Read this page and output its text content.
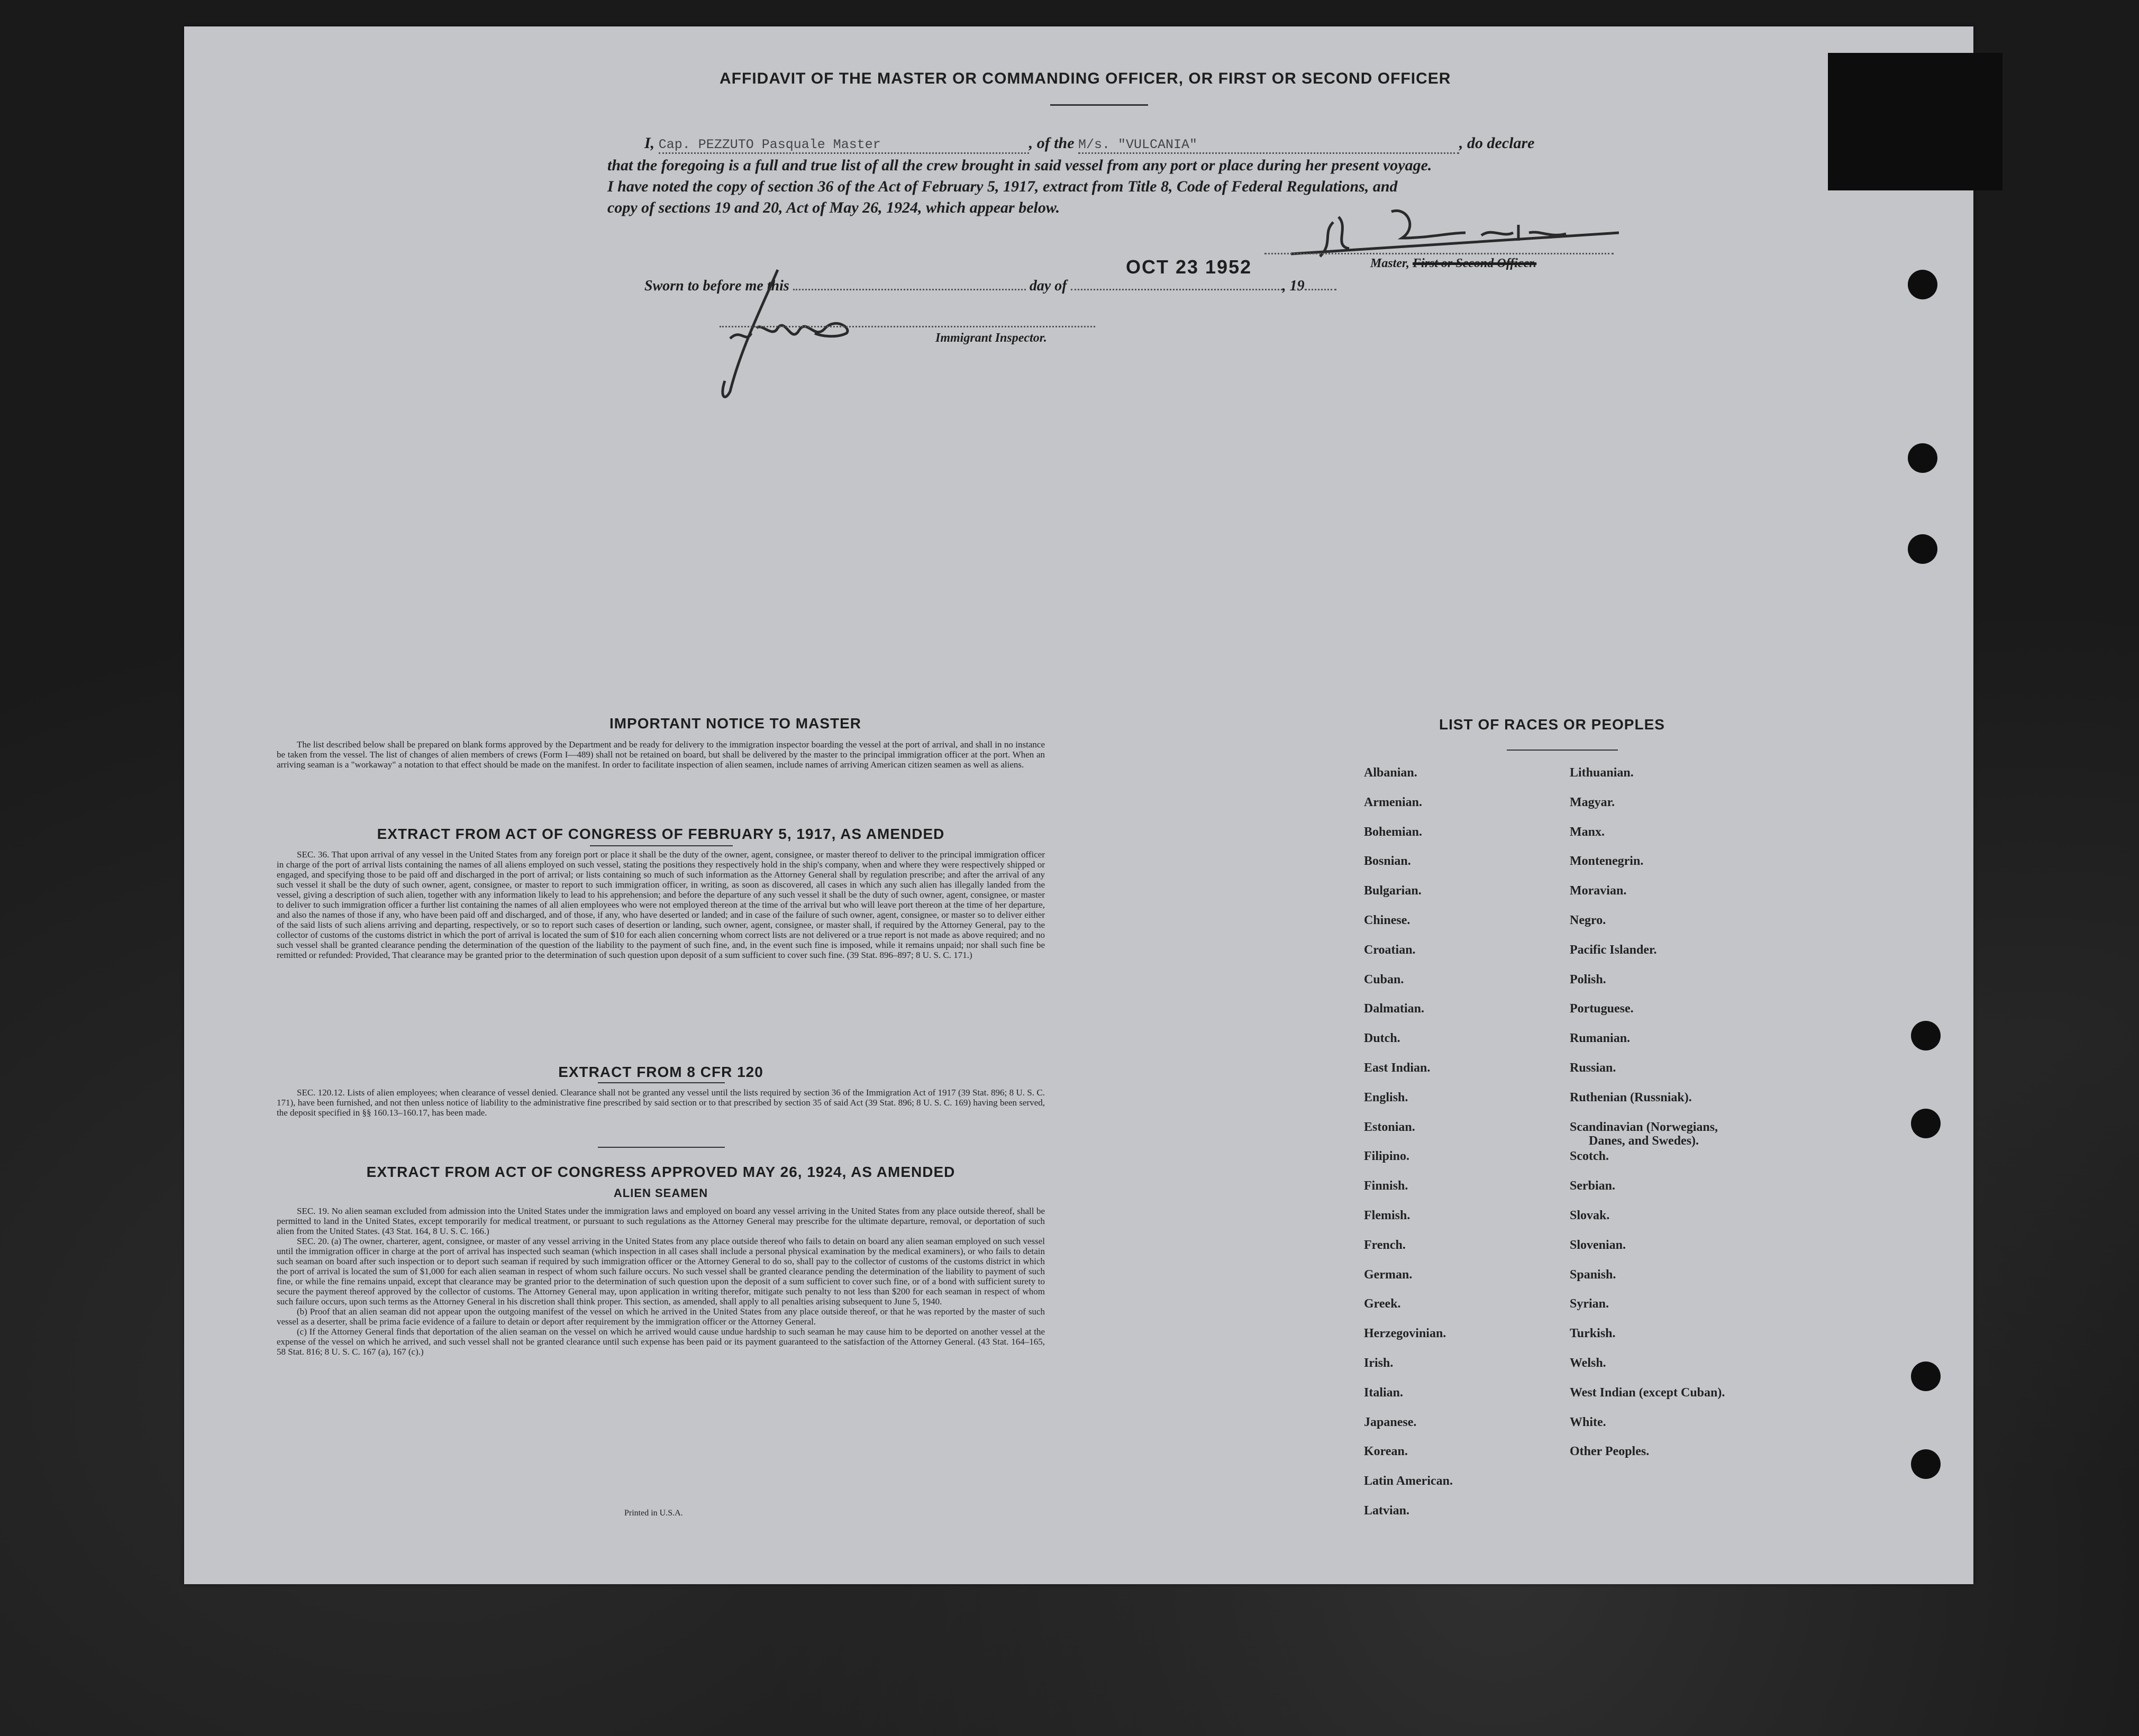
AFFIDAVIT OF THE MASTER OR COMMANDING OFFICER, OR FIRST OR SECOND OFFICER
I, Cap. PEZZUTO Pasquale Master	, of the M/s. "VULCANIA"	, do declare
that the foregoing is a full and true list of all the crew brought in said vessel from any port or place during her present voyage.
I have noted the copy of section 36 of the Act of February 5, 1917, extract from Title 8, Code of Federal Regulations, and
copy of sections 19 and 20, Act of May 26, 1924, which appear below.
Master, First or Second Officer.
Sworn to before me this	day of	, 19
OCT 23 1952
Immigrant Inspector.
IMPORTANT NOTICE TO MASTER

The list described below shall be prepared on blank forms approved by the Department and be ready for delivery to the immigration inspector boarding the vessel at the port of arrival, and shall in no instance be taken from the vessel. The list of changes of alien members of crews (Form I—489) shall not be retained on board, but shall be delivered by the master to the principal immigration officer at the port. When an arriving seaman is a "workaway" a notation to that effect should be made on the manifest. In order to facilitate inspection of alien seamen, include names of arriving American citizen seamen as well as aliens.

EXTRACT FROM ACT OF CONGRESS OF FEBRUARY 5, 1917, AS AMENDED

SEC. 36. That upon arrival of any vessel in the United States from any foreign port or place it shall be the duty of the owner, agent, consignee, or master thereof to deliver to the principal immigration officer in charge of the port of arrival lists containing the names of all aliens employed on such vessel, stating the positions they respectively hold in the ship's company, when and where they were respectively shipped or engaged, and specifying those to be paid off and discharged in the port of arrival; or lists containing so much of such information as the Attorney General shall by regulation prescribe; and after the arrival of any such vessel it shall be the duty of such owner, agent, consignee, or master to report to such immigration officer, in writing, as soon as discovered, all cases in which any such alien has illegally landed from the vessel, giving a description of such alien, together with any information likely to lead to his apprehension; and before the departure of any such vessel it shall be the duty of such owner, agent, consignee, or master to deliver to such immigration officer a further list containing the names of all alien employees who were not employed thereon at the time of the arrival but who will leave port thereon at the time of her departure, and also the names of those if any, who have been paid off and discharged, and of those, if any, who have deserted or landed; and in case of the failure of such owner, agent, consignee, or master so to deliver either of the said lists of such aliens arriving and departing, respectively, or so to report such cases of desertion or landing, such owner, agent, consignee, or master shall, if required by the Attorney General, pay to the collector of customs of the customs district in which the port of arrival is located the sum of $10 for each alien concerning whom correct lists are not delivered or a true report is not made as above required; and no such vessel shall be granted clearance pending the determination of the question of the liability to the payment of such fine, and, in the event such fine is imposed, while it remains unpaid; nor shall such fine be remitted or refunded: Provided, That clearance may be granted prior to the determination of such question upon deposit of a sum sufficient to cover such fine. (39 Stat. 896–897; 8 U. S. C. 171.)

EXTRACT FROM 8 CFR 120

SEC. 120.12. Lists of alien employees; when clearance of vessel denied. Clearance shall not be granted any vessel until the lists required by section 36 of the Immigration Act of 1917 (39 Stat. 896; 8 U. S. C. 171), have been furnished, and not then unless notice of liability to the administrative fine prescribed by said section or to that prescribed by section 35 of said Act (39 Stat. 896; 8 U. S. C. 169) having been served, the deposit specified in §§ 160.13–160.17, has been made.

EXTRACT FROM ACT OF CONGRESS APPROVED MAY 26, 1924, AS AMENDED
ALIEN SEAMEN

SEC. 19. No alien seaman excluded from admission into the United States under the immigration laws and employed on board any vessel arriving in the United States from any place outside thereof, shall be permitted to land in the United States, except temporarily for medical treatment, or pursuant to such regulations as the Attorney General may prescribe for the ultimate departure, removal, or deportation of such alien from the United States. (43 Stat. 164, 8 U. S. C. 166.)

SEC. 20. (a) The owner, charterer, agent, consignee, or master of any vessel arriving in the United States from any place outside thereof who fails to detain on board any alien seaman employed on such vessel until the immigration officer in charge at the port of arrival has inspected such seaman (which inspection in all cases shall include a personal physical examination by the medical examiners), or who fails to detain such seaman on board after such inspection or to deport such seaman if required by such immigration officer or the Attorney General to do so, shall pay to the collector of customs of the customs district in which the port of arrival is located the sum of $1,000 for each alien seaman in respect of whom such failure occurs. No such vessel shall be granted clearance pending the determination of the liability to payment of such fine, or while the fine remains unpaid, except that clearance may be granted prior to the determination of such question upon the deposit of a sum sufficient to cover such fine, or of a bond with sufficient surety to secure the payment thereof approved by the collector of customs. The Attorney General may, upon application in writing therefor, mitigate such penalty to not less than $200 for each seaman in respect of whom such failure occurs, upon such terms as the Attorney General in his discretion shall think proper. This section, as amended, shall apply to all penalties arising subsequent to June 5, 1940.

(b) Proof that an alien seaman did not appear upon the outgoing manifest of the vessel on which he arrived in the United States from any place outside thereof, or that he was reported by the master of such vessel as a deserter, shall be prima facie evidence of a failure to detain or deport after requirement by the immigration officer or the Attorney General.

(c) If the Attorney General finds that deportation of the alien seaman on the vessel on which he arrived would cause undue hardship to such seaman he may cause him to be deported on another vessel at the expense of the vessel on which he arrived, and such vessel shall not be granted clearance until such expense has been paid or its payment guaranteed to the satisfaction of the Attorney General. (43 Stat. 164–165, 58 Stat. 816; 8 U. S. C. 167 (a), 167 (c).)

Printed in U.S.A.
LIST OF RACES OR PEOPLES
Albanian.
Armenian.
Bohemian.
Bosnian.
Bulgarian.
Chinese.
Croatian.
Cuban.
Dalmatian.
Dutch.
East Indian.
English.
Estonian.
Filipino.
Finnish.
Flemish.
French.
German.
Greek.
Herzegovinian.
Irish.
Italian.
Japanese.
Korean.
Latin American.
Latvian.
Lithuanian.
Magyar.
Manx.
Montenegrin.
Moravian.
Negro.
Pacific Islander.
Polish.
Portuguese.
Rumanian.
Russian.
Ruthenian (Russniak).
Scandinavian (Norwegians,
Danes, and Swedes).
Scotch.
Serbian.
Slovak.
Slovenian.
Spanish.
Syrian.
Turkish.
Welsh.
West Indian (except Cuban).
White.
Other Peoples.
